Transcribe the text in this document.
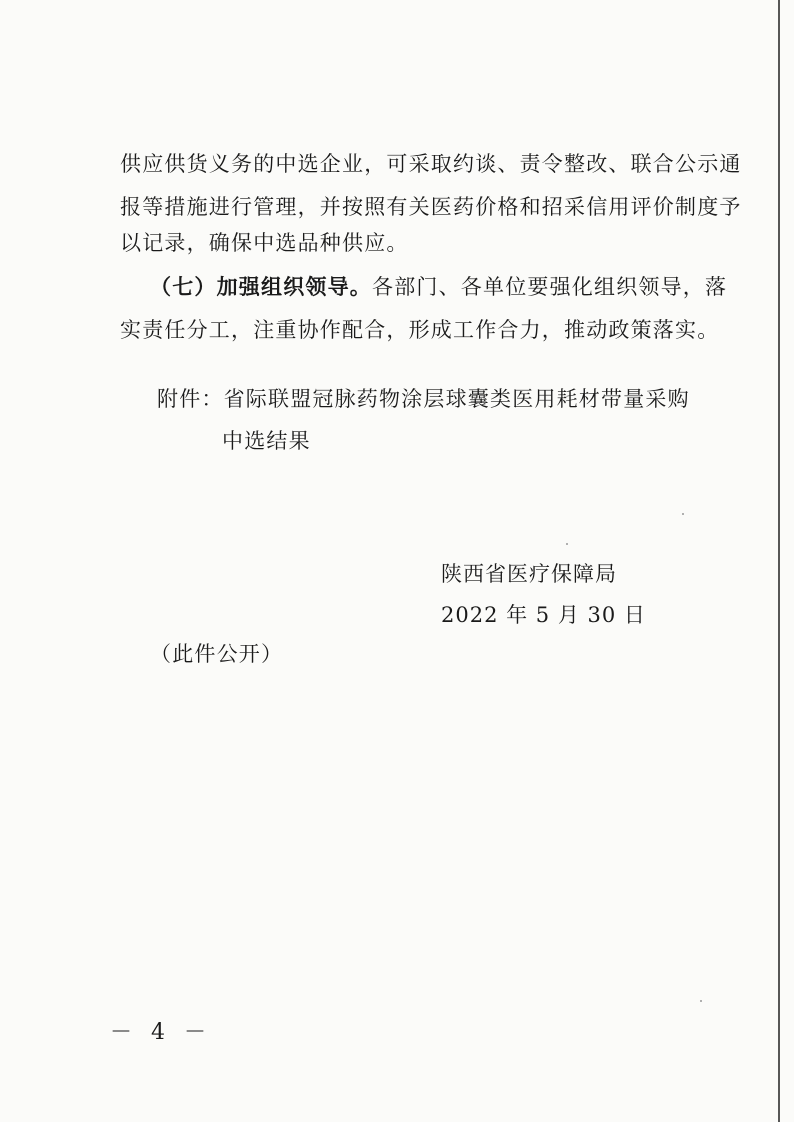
供应供货义务的中选企业，可采取约谈、责令整改、联合公示通
报等措施进行管理，并按照有关医药价格和招采信用评价制度予
以记录，确保中选品种供应。
（七）加强组织领导。各部门、各单位要强化组织领导，落
实责任分工，注重协作配合，形成工作合力，推动政策落实。
附件：省际联盟冠脉药物涂层球囊类医用耗材带量采购
中选结果
陕西省医疗保障局
2022 年 5 月 30 日
（此件公开）
－ 4 －
